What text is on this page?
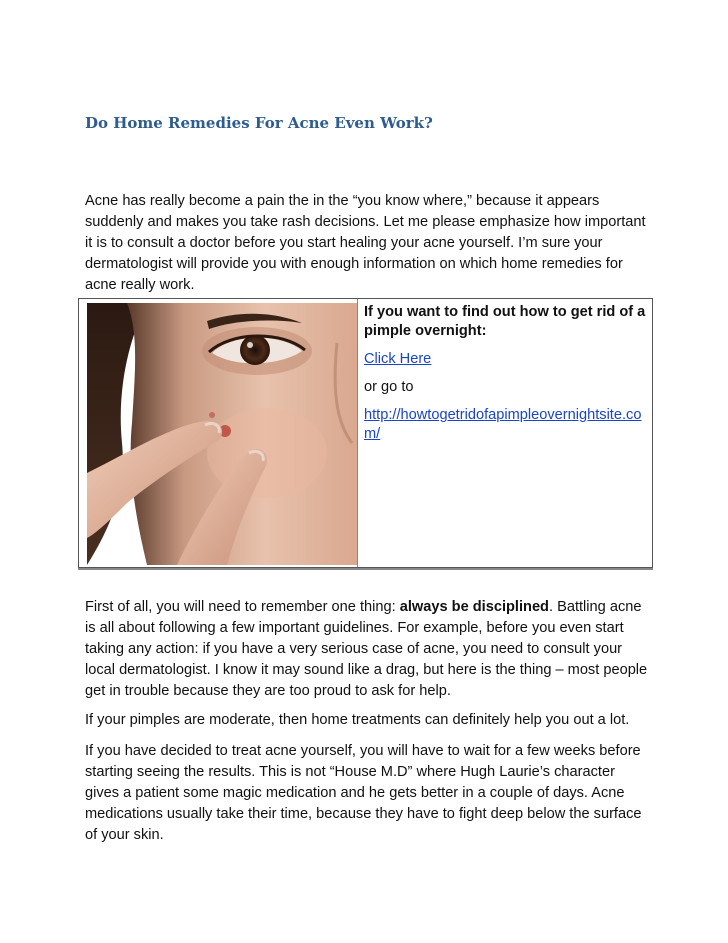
Do Home Remedies For Acne Even Work?

Acne has really become a pain the in the “you know where,” because it appears suddenly and makes you take rash decisions. Let me please emphasize how important it is to consult a doctor before you start healing your acne yourself. I’m sure your dermatologist will provide you with enough information on which home remedies for acne really work.

If you want to find out how to get rid of a pimple overnight:

Click Here

or go to

http://howtogetridofapimpleovernightsite.com/

First of all, you will need to remember one thing: always be disciplined. Battling acne is all about following a few important guidelines. For example, before you even start taking any action: if you have a very serious case of acne, you need to consult your local dermatologist. I know it may sound like a drag, but here is the thing – most people get in trouble because they are too proud to ask for help.

If your pimples are moderate, then home treatments can definitely help you out a lot.

If you have decided to treat acne yourself, you will have to wait for a few weeks before starting seeing the results. This is not “House M.D” where Hugh Laurie’s character gives a patient some magic medication and he gets better in a couple of days. Acne medications usually take their time, because they have to fight deep below the surface of your skin.
